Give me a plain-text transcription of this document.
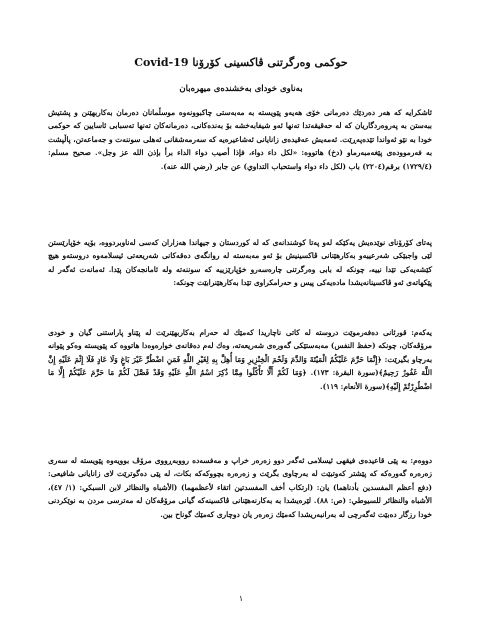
حوكمی وەرگرتنی ڤاكسینی كۆرۆنا Covid-19
بەناوی خودای بەخشندەی میهرەبان
ئاشكرایە كە هەر دەردێك دەرمانی خۆی هەیەو پێویستە بە مەبەستی چاكبوونەوە موسڵمانان دەرمان بەكاربهێنن و پشتیش ببەستن بە پەروەردگاریان كە لە حەقیقەتدا تەنها ئەو شیفابەخشە بۆ بەندەكانی، دەرمانەكان تەنها تەسبابی ئاسایین كە حوكمی خودا بە نێو ئەواندا تێدەپەڕێت. ئەمەیش عەقیدەی زانایانی ئەشاعیرەیە كە سەرمەشقانی ئەهلی سوننەت و جەماعەتن، پاڵپشت بە فەرموودەی پێغەمبەرماو (دخ) هاتووە: «لكل داء دواء، فإذا أصيب دواء الداء برأ بإذن الله عز وجل». صحيح مسلم: (١٧٢٩/٤) برقم(٢٢٠٤) باب (لكل داء دواء واستحباب التداوي) عن جابر (رضي الله عنه).
پەتای كۆرۆنای نوێدەیش یەكێكە لەو پەتا كوشندانەی كە لە كوردستان و جیهاندا هەزاران كەسی لەناوبردووە، بۆیە خۆپارێستن لێی واجبێكی شەرعییەو بەكارهێنانی ڤاكسینیش بۆ ئەو مەبەستە لە روانگەی دەقەكانی شەریعەتی ئیسلامەوە دروستەو هیچ كێشەیەكی تێدا نییە، چونكە لە بابی وەرگرتنی چارەسەرو خۆپارێزییە كە سوننەتە ولە ئامانجەكان پێدا. ئەمانەت ئەگەر لە پێكهاتەی ئەو ڤاكسینانەیشدا مادەیەكی پیس و حەرامكراوی تێدا بەكارهێنرابێت چونكە:
یەكەم: قورئانی دەفەرموێت دروستە لە كاتی ناچاریدا كەمێك لە حەرام بەكاربهێنرێت لە پێناو پاراستنی گیان و خودی مرۆڤەكان، چونكە (حفظ النفس) مەبەستێكی گەورەی شەریعەتە، وەك لەم دەقانەی خوارەوەدا هاتووە كە پێویستە وەكو پێوانە بەرچاو بگیرێت: ﴿إِنَّمَا حَرَّمَ عَلَيْكُمُ الْمَيْتَةَ وَالدَّمَ وَلَحْمَ الْخِنْزِيرِ وَمَا أُهِلَّ بِهِ لِغَيْرِ اللَّهِ فَمَنِ اضْطُرَّ غَيْرَ بَاغٍ وَلَا عَادٍ فَلَا إِثْمَ عَلَيْهِ إِنَّ اللَّهَ غَفُورٌ رَحِيمٌ﴾(سورة البقرة: ١٧٣). ﴿وَمَا لَكُمْ أَلَّا تَأْكُلُوا مِمَّا ذُكِرَ اسْمُ اللَّهِ عَلَيْهِ وَقَدْ فَصَّلَ لَكُمْ مَا حَرَّمَ عَلَيْكُمْ إِلَّا مَا اضْطُرِرْتُمْ إِلَيْهِ﴾(سورة الأنعام: ١١٩).
دووەم: بە پێی قاعیدەی فیقهی ئیسلامی ئەگەر دوو زەرەر خراپ و مەفسەدە رووبەڕووی مرۆڤ بوویەوە پێویستە لە سەری زەرەرە گەورەكە كە پێشتر كەوتبێت لە بەرچاوی بگرێت و زەرەرە بچووكەكە بكات، لە پێی دەگوترێت لای زانایانی شافیعی: (دفع أعظم المفسدين بأدناهما) یان: (ارتكاب أخف المفسدتين اتقاء لأعظمهما) (الأشباه والنظائر لابن السبكي: (١/ ٤٧)، الأشباه والنظائر للسيوطي: (ص: ٨٨). لێرەیشدا بە بەكارنەهێنانی ڤاكسینەكە گیانی مرۆڤەكان لە مەترسی مردن بە نوێكردنی خودا رزگار دەبێت ئەگەرچی لە بەرانبەریشدا كەمێك زەرەر یان دوچاری كەمێك گوناح بین.
١
